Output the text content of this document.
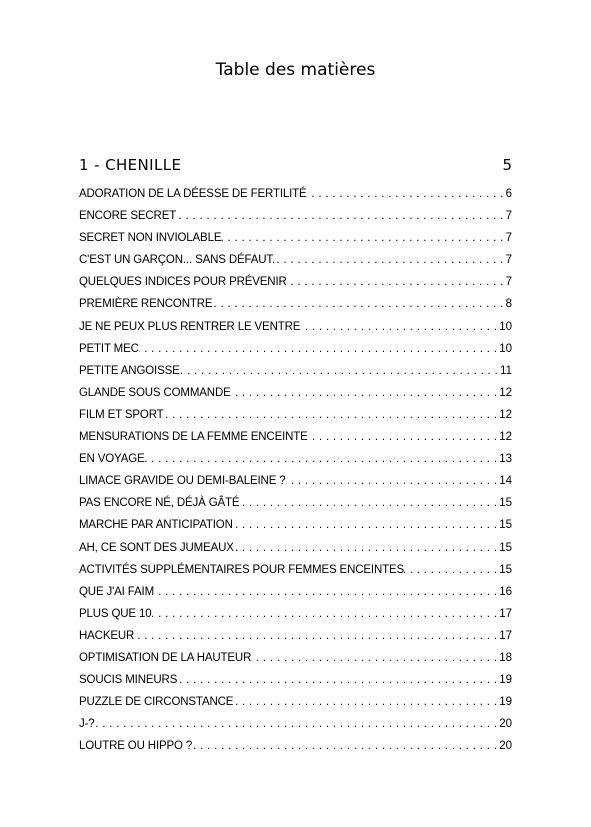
Table des matières
1 - CHENILLE	5
ADORATION DE LA DÉESSE DE FERTILITÉ . . .	6
ENCORE SECRET . . .	7
SECRET NON INVIOLABLE . . .	7
C'EST UN GARÇON... SANS DÉFAUT. . . .	7
QUELQUES INDICES POUR PRÉVENIR . . .	7
PREMIÈRE RENCONTRE . . .	8
JE NE PEUX PLUS RENTRER LE VENTRE . . .	10
PETIT MEC . . .	10
PETITE ANGOISSE . . .	11
GLANDE SOUS COMMANDE . . .	12
FILM ET SPORT . . .	12
MENSURATIONS DE LA FEMME ENCEINTE . . .	12
EN VOYAGE . . .	13
LIMACE GRAVIDE OU DEMI-BALEINE ? . . .	14
PAS ENCORE NÉ, DÉJÀ GÂTÉ . . .	15
MARCHE PAR ANTICIPATION . . .	15
AH, CE SONT DES JUMEAUX . . .	15
ACTIVITÉS SUPPLÉMENTAIRES POUR FEMMES ENCEINTES . . .	15
QUE J'AI FAIM . . .	16
PLUS QUE 10 . . .	17
HACKEUR . . .	17
OPTIMISATION DE LA HAUTEUR . . .	18
SOUCIS MINEURS . . .	19
PUZZLE DE CIRCONSTANCE . . .	19
J-? . . .	20
LOUTRE OU HIPPO ? . . .	20
